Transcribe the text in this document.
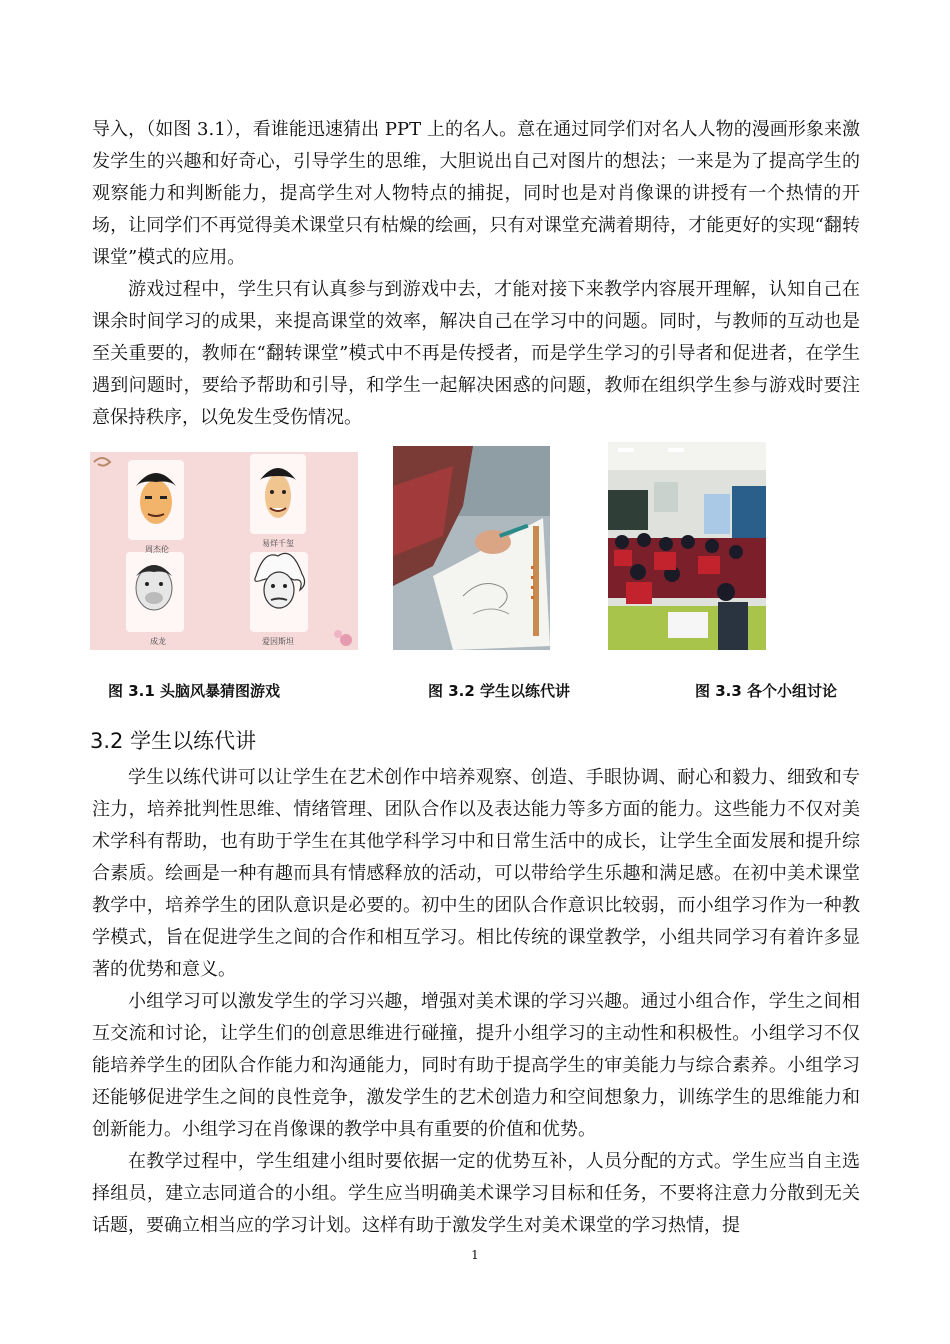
导入，（如图 3.1），看谁能迅速猜出 PPT 上的名人。意在通过同学们对名人人物的漫画形象来激发学生的兴趣和好奇心，引导学生的思维，大胆说出自己对图片的想法；一来是为了提高学生的观察能力和判断能力，提高学生对人物特点的捕捉，同时也是对肖像课的讲授有一个热情的开场，让同学们不再觉得美术课堂只有枯燥的绘画，只有对课堂充满着期待，才能更好的实现“翻转课堂”模式的应用。

游戏过程中，学生只有认真参与到游戏中去，才能对接下来教学内容展开理解，认知自己在课余时间学习的成果，来提高课堂的效率，解决自己在学习中的问题。同时，与教师的互动也是至关重要的，教师在“翻转课堂”模式中不再是传授者，而是学生学习的引导者和促进者，在学生遇到问题时，要给予帮助和引导，和学生一起解决困惑的问题，教师在组织学生参与游戏时要注意保持秩序，以免发生受伤情况。

周杰伦
易烊千玺
成龙	爱因斯坦
图 3.1 头脑风暴猜图游戏	图 3.2 学生以练代讲	图 3.3 各个小组讨论
3.2 学生以练代讲

学生以练代讲可以让学生在艺术创作中培养观察、创造、手眼协调、耐心和毅力、细致和专注力，培养批判性思维、情绪管理、团队合作以及表达能力等多方面的能力。这些能力不仅对美术学科有帮助，也有助于学生在其他学科学习中和日常生活中的成长，让学生全面发展和提升综合素质。绘画是一种有趣而具有情感释放的活动，可以带给学生乐趣和满足感。在初中美术课堂教学中，培养学生的团队意识是必要的。初中生的团队合作意识比较弱，而小组学习作为一种教学模式，旨在促进学生之间的合作和相互学习。相比传统的课堂教学，小组共同学习有着许多显著的优势和意义。

小组学习可以激发学生的学习兴趣，增强对美术课的学习兴趣。通过小组合作，学生之间相互交流和讨论，让学生们的创意思维进行碰撞，提升小组学习的主动性和积极性。小组学习不仅能培养学生的团队合作能力和沟通能力，同时有助于提高学生的审美能力与综合素养。小组学习还能够促进学生之间的良性竞争，激发学生的艺术创造力和空间想象力，训练学生的思维能力和创新能力。小组学习在肖像课的教学中具有重要的价值和优势。

在教学过程中，学生组建小组时要依据一定的优势互补，人员分配的方式。学生应当自主选择组员，建立志同道合的小组。学生应当明确美术课学习目标和任务，不要将注意力分散到无关话题，要确立相当应的学习计划。这样有助于激发学生对美术课堂的学习热情，提

1
